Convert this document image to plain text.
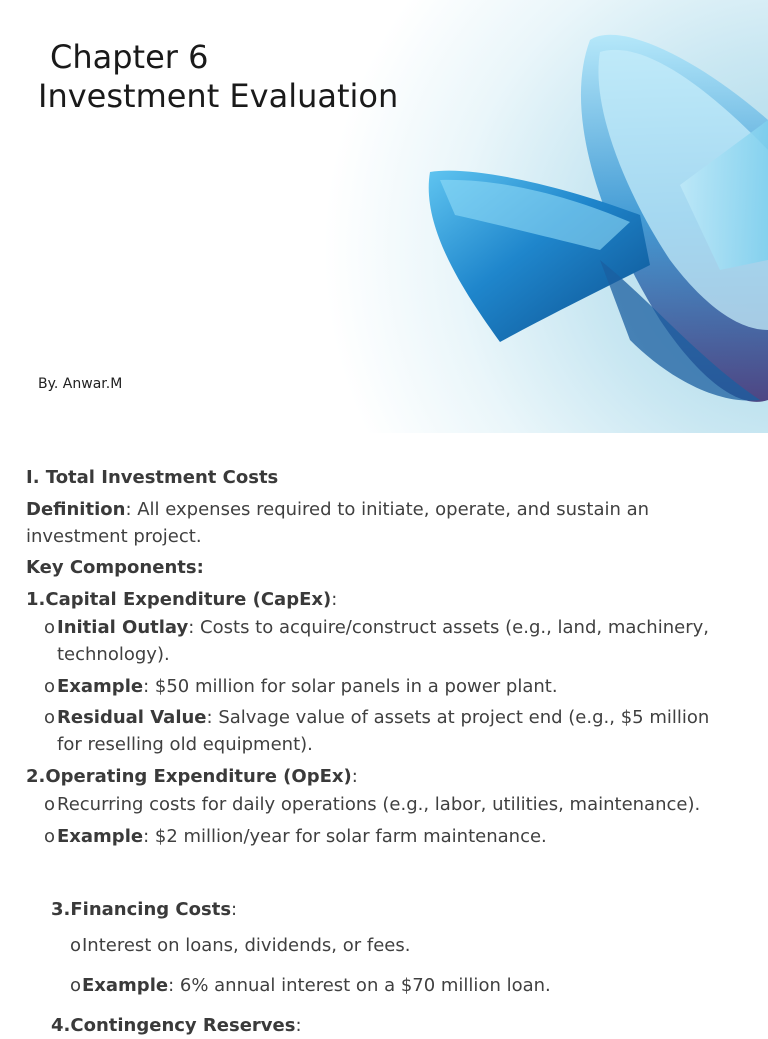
Chapter 6
Investment Evaluation
By. Anwar.M
I. Total Investment Costs
Definition: All expenses required to initiate, operate, and sustain an
investment project.
Key Components:
1.Capital Expenditure (CapEx):
o Initial Outlay: Costs to acquire/construct assets (e.g., land, machinery,
technology).
o Example: $50 million for solar panels in a power plant.
o Residual Value: Salvage value of assets at project end (e.g., $5 million
for reselling old equipment).
2.Operating Expenditure (OpEx):
o Recurring costs for daily operations (e.g., labor, utilities, maintenance).
o Example: $2 million/year for solar farm maintenance.
3.Financing Costs:
o Interest on loans, dividends, or fees.
o Example: 6% annual interest on a $70 million loan.
4.Contingency Reserves:
